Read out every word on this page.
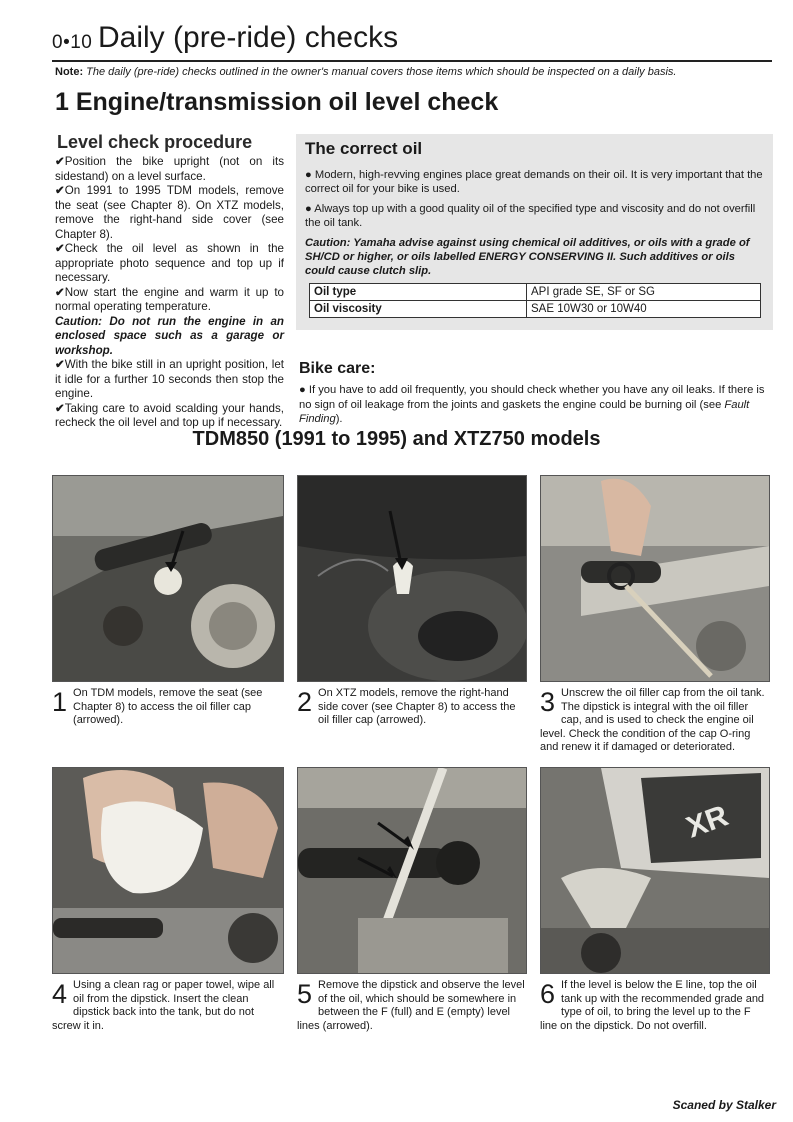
0•10 Daily (pre-ride) checks
Note: The daily (pre-ride) checks outlined in the owner's manual covers those items which should be inspected on a daily basis.
1 Engine/transmission oil level check
Level check procedure

✔Position the bike upright (not on its sidestand) on a level surface.

✔On 1991 to 1995 TDM models, remove the seat (see Chapter 8). On XTZ models, remove the right-hand side cover (see Chapter 8).

✔Check the oil level as shown in the appropriate photo sequence and top up if necessary.

✔Now start the engine and warm it up to normal operating temperature.

Caution: Do not run the engine in an enclosed space such as a garage or workshop.

✔With the bike still in an upright position, let it idle for a further 10 seconds then stop the engine.

✔Taking care to avoid scalding your hands, recheck the oil level and top up if necessary.

The correct oil

● Modern, high-revving engines place great demands on their oil. It is very important that the correct oil for your bike is used.

● Always top up with a good quality oil of the specified type and viscosity and do not overfill the oil tank.

Caution: Yamaha advise against using chemical oil additives, or oils with a grade of SH/CD or higher, or oils labelled ENERGY CONSERVING II. Such additives or oils could cause clutch slip.

Oil type	API grade SE, SF or SG
Oil viscosity	SAE 10W30 or 10W40
Bike care:
● If you have to add oil frequently, you should check whether you have any oil leaks. If there is no sign of oil leakage from the joints and gaskets the engine could be burning oil (see Fault Finding).
TDM850 (1991 to 1995) and XTZ750 models
1 On TDM models, remove the seat (see Chapter 8) to access the oil filler cap (arrowed).
2 On XTZ models, remove the right-hand side cover (see Chapter 8) to access the oil filler cap (arrowed).
3 Unscrew the oil filler cap from the oil tank. The dipstick is integral with the oil filler cap, and is used to check the engine oil level. Check the condition of the cap O-ring and renew it if damaged or deteriorated.
XR
4 Using a clean rag or paper towel, wipe all oil from the dipstick. Insert the clean dipstick back into the tank, but do not screw it in.
5 Remove the dipstick and observe the level of the oil, which should be somewhere in between the F (full) and E (empty) level lines (arrowed).
6 If the level is below the E line, top the oil tank up with the recommended grade and type of oil, to bring the level up to the F line on the dipstick. Do not overfill.
Scaned by Stalker
